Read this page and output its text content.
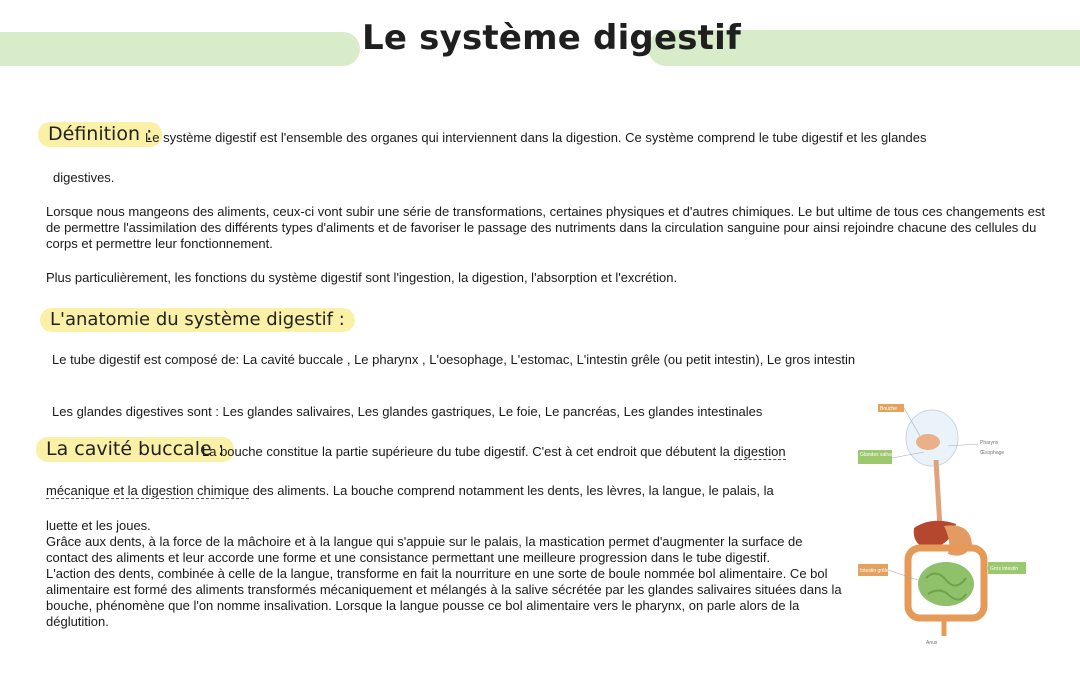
Le système digestif
Définition :
Le système digestif est l'ensemble des organes qui interviennent dans la digestion. Ce système comprend le tube digestif et les glandes
digestives.

Lorsque nous mangeons des aliments, ceux-ci vont subir une série de transformations, certaines physiques et d'autres chimiques. Le but ultime de tous ces changements est de permettre l'assimilation des différents types d'aliments et de favoriser le passage des nutriments dans la circulation sanguine pour ainsi rejoindre chacune des cellules du corps et permettre leur fonctionnement.

Plus particulièrement, les fonctions du système digestif sont l'ingestion, la digestion, l'absorption et l'excrétion.

L'anatomie du système digestif :
Le tube digestif est composé de: La cavité buccale , Le pharynx , L'oesophage, L'estomac, L'intestin grêle (ou petit intestin), Le gros intestin
Les glandes digestives sont : Les glandes salivaires, Les glandes gastriques, Le foie, Le pancréas, Les glandes intestinales
La cavité buccale :
La bouche constitue la partie supérieure du tube digestif. C'est à cet endroit que débutent la digestion
mécanique et la digestion chimique des aliments. La bouche comprend notamment les dents, les lèvres, la langue, le palais, la

luette et les joues.
Grâce aux dents, à la force de la mâchoire et à la langue qui s'appuie sur le palais, la mastication permet d'augmenter la surface de contact des aliments et leur accorde une forme et une consistance permettant une meilleure progression dans le tube digestif.
L'action des dents, combinée à celle de la langue, transforme en fait la nourriture en une sorte de boule nommée bol alimentaire. Ce bol alimentaire est formé des aliments transformés mécaniquement et mélangés à la salive sécrétée par les glandes salivaires situées dans la bouche, phénomène que l'on nomme insalivation. Lorsque la langue pousse ce bol alimentaire vers le pharynx, on parle alors de la déglutition.

Bouche
Glandes salivaires
Intestin grêle	Gros intestin
Pharynx
Œsophage
Anus
